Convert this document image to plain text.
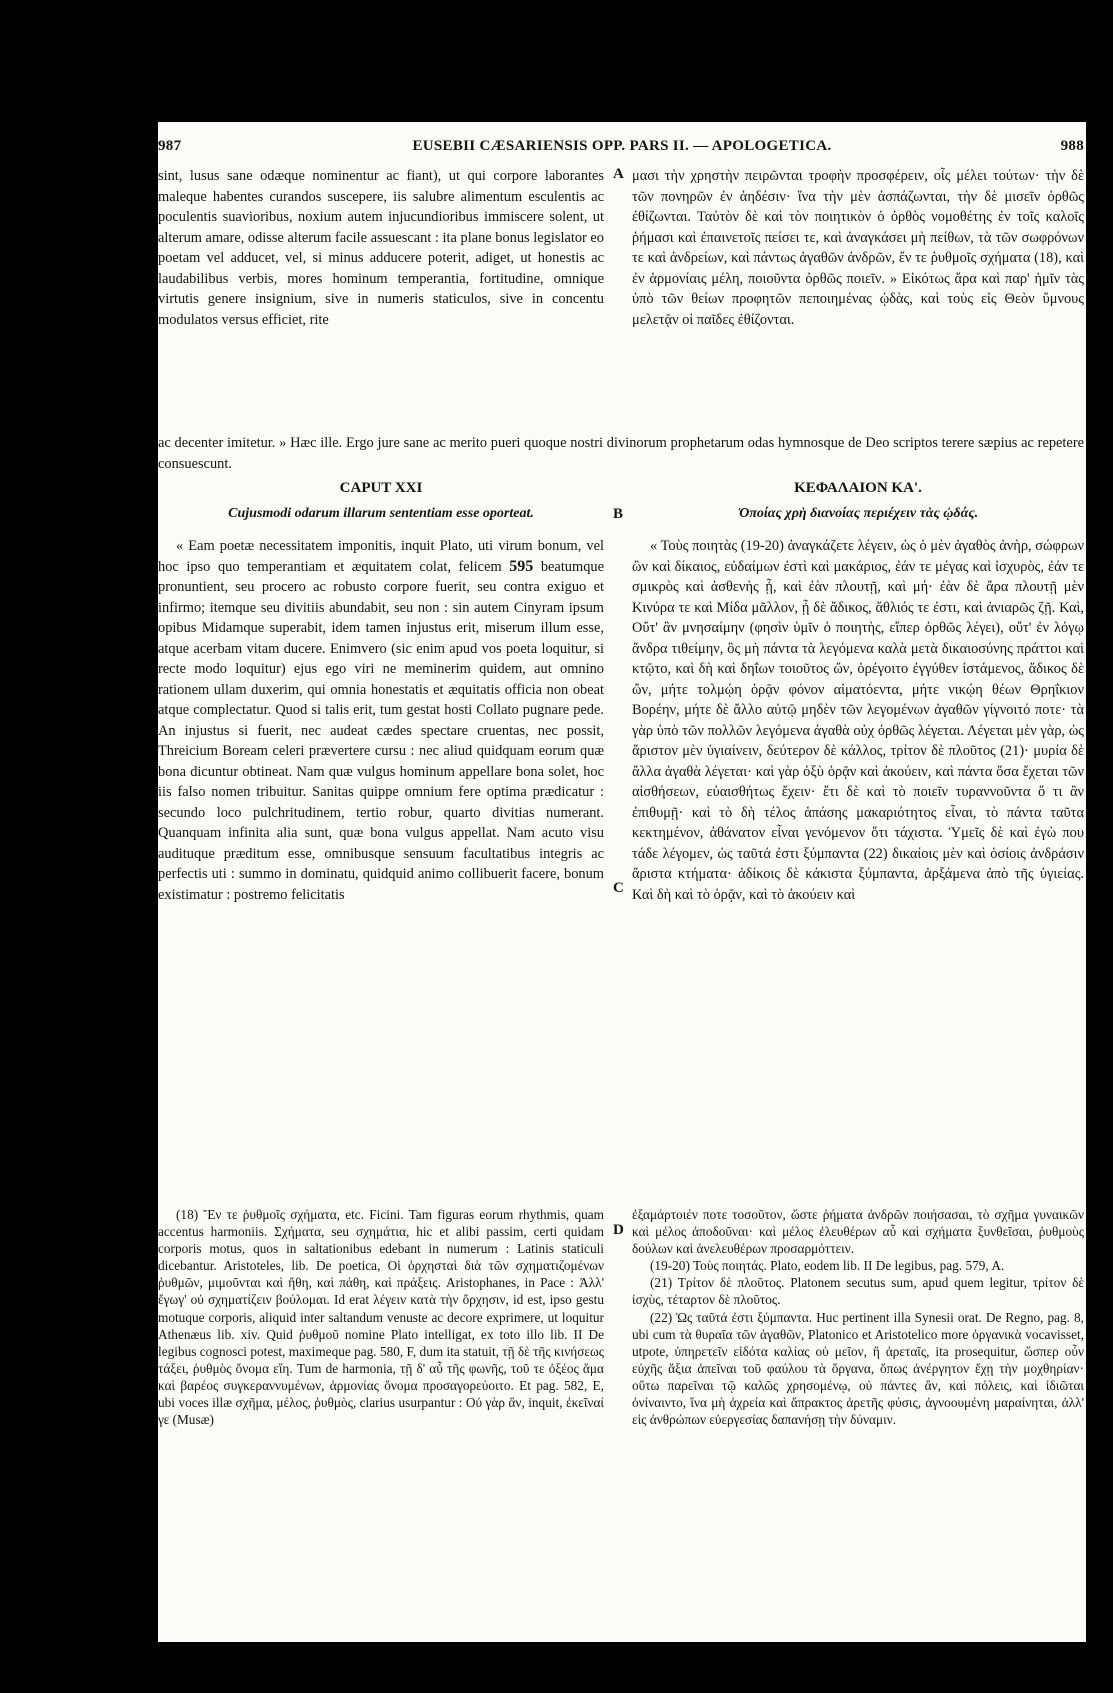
987	EUSEBII CÆSARIENSIS OPP. PARS II. — APOLOGETICA.	988

sint, lusus sane odæque nominentur ac fiant), ut qui corpore laborantes maleque habentes curandos suscepere, iis salubre alimentum esculentis ac poculentis suavioribus, noxium autem injucundioribus immiscere solent, ut alterum amare, odisse alterum facile assuescant : ita plane bonus legislator eo poetam vel adducet, vel, si minus adducere poterit, adiget, ut honestis ac laudabilibus verbis, mores hominum temperantia, fortitudine, omnique virtutis genere insignium, sive in numeris staticulos, sive in concentu modulatos versus efficiet, rite

A μασι τὴν χρηστὴν πειρῶνται τροφὴν προσφέρειν, οἷς μέλει τούτων· τὴν δὲ τῶν πονηρῶν ἐν ἀηδέσιν· ἵνα τὴν μὲν ἀσπάζωνται, τὴν δὲ μισεῖν ὀρθῶς ἐθίζωνται. Ταὐτὸν δὲ καὶ τὸν ποιητικὸν ὁ ὀρθὸς νομοθέτης ἐν τοῖς καλοῖς ῥήμασι καὶ ἐπαινετοῖς πείσει τε, καὶ ἀναγκάσει μὴ πείθων, τὰ τῶν σωφρόνων τε καὶ ἀνδρείων, καὶ πάντως ἀγαθῶν ἀνδρῶν, ἔν τε ῥυθμοῖς σχήματα (18), καὶ ἐν ἁρμονίαις μέλη, ποιοῦντα ὀρθῶς ποιεῖν. » Εἰκότως ἄρα καὶ παρ' ἡμῖν τὰς ὑπὸ τῶν θείων προφητῶν πεποιημένας ᾠδὰς, καὶ τοὺς εἰς Θεὸν ὕμνους μελετᾷν οἱ παῖδες ἐθίζονται.

ac decenter imitetur. » Hæc ille. Ergo jure sane ac merito pueri quoque nostri divinorum prophetarum odas hymnosque de Deo scriptos terere sæpius ac repetere consuescunt.

CAPUT XXI	ΚΕΦΑΛΑΙΟΝ ΚΑ'.
Cujusmodi odarum illarum sententiam esse oporteat.	B	Ὁποίας χρὴ διανοίας περιέχειν τὰς ᾠδάς.

« Eam poetæ necessitatem imponitis, inquit Plato, uti virum bonum, vel hoc ipso quo temperantiam et æquitatem colat, felicem 595 beatumque pronuntient, seu procero ac robusto corpore fuerit, seu contra exiguo et infirmo; itemque seu divitiis abundabit, seu non : sin autem Cinyram ipsum opibus Midamque superabit, idem tamen injustus erit, miserum illum esse, atque acerbam vitam ducere. Enimvero (sic enim apud vos poeta loquitur, si recte modo loquitur) ejus ego viri ne meminerim quidem, aut omnino rationem ullam duxerim, qui omnia honestatis et æquitatis officia non obeat atque complectatur. Quod si talis erit, tum gestat hosti Collato pugnare pede. An injustus si fuerit, nec audeat cædes spectare cruentas, nec possit, Threicium Boream celeri prævertere cursu : nec aliud quidquam eorum quæ bona dicuntur obtineat. Nam quæ vulgus hominum appellare bona solet, hoc iis falso nomen tribuitur. Sanitas quippe omnium fere optima prædicatur : secundo loco pulchritudinem, tertio robur, quarto divitias numerant. Quanquam infinita alia sunt, quæ bona vulgus appellat. Nam acuto visu audituque præditum esse, omnibusque sensuum facultatibus integris ac perfectis uti : summo in dominatu, quidquid animo collibuerit facere, bonum existimatur : postremo felicitatis	C

« Τοὺς ποιητὰς (19-20) ἀναγκάζετε λέγειν, ὡς ὁ μὲν ἀγαθὸς ἀνὴρ, σώφρων ὢν καὶ δίκαιος, εὐδαίμων ἐστὶ καὶ μακάριος, ἐάν τε μέγας καὶ ἰσχυρὸς, ἐάν τε σμικρὸς καὶ ἀσθενὴς ᾖ, καὶ ἐὰν πλουτῇ, καὶ μή· ἐὰν δὲ ἄρα πλουτῇ μὲν Κινύρα τε καὶ Μίδα μᾶλλον, ᾖ δὲ ἄδικος, ἄθλιός τε ἐστι, καὶ ἀνιαρῶς ζῇ. Καὶ, Οὔτ' ἂν μνησαίμην (φησὶν ὑμῖν ὁ ποιητὴς, εἴπερ ὀρθῶς λέγει), οὔτ' ἐν λόγῳ ἄνδρα τιθείμην, ὃς μὴ πάντα τὰ λεγόμενα καλὰ μετὰ δικαιοσύνης πράττοι καὶ κτῷτο, καὶ δὴ καὶ δηΐων τοιοῦτος ὤν, ὀρέγοιτο ἐγγύθεν ἱστάμενος, ἄδικος δὲ ὤν, μήτε τολμῴη ὁρᾷν φόνον αἱματόεντα, μήτε νικῴη θέων Θρηΐκιον Βορέην, μήτε δὲ ἄλλο αὐτῷ μηδὲν τῶν λεγομένων ἀγαθῶν γίγνοιτό ποτε· τὰ γὰρ ὑπὸ τῶν πολλῶν λεγόμενα ἀγαθὰ οὐχ ὀρθῶς λέγεται. Λέγεται μὲν γὰρ, ὡς ἄριστον μὲν ὑγιαίνειν, δεύτερον δὲ κάλλος, τρίτον δὲ πλοῦτος (21)· μυρία δὲ ἄλλα ἀγαθὰ λέγεται· καὶ γὰρ ὀξὺ ὁρᾷν καὶ ἀκούειν, καὶ πάντα ὅσα ἔχεται τῶν αἰσθήσεων, εὐαισθήτως ἔχειν· ἔτι δὲ καὶ τὸ ποιεῖν τυραννοῦντα ὅ τι ἂν ἐπιθυμῇ· καὶ τὸ δὴ τέλος ἁπάσης μακαριότητος εἶναι, τὸ πάντα ταῦτα κεκτημένον, ἀθάνατον εἶναι γενόμενον ὅτι τάχιστα. Ὑμεῖς δὲ καὶ ἐγὼ που τάδε λέγομεν, ὡς ταῦτά ἐστι ξύμπαντα (22) δικαίοις μὲν καὶ ὁσίοις ἀνδράσιν ἄριστα κτήματα· ἀδίκοις δὲ κάκιστα ξύμπαντα, ἀρξάμενα ἀπὸ τῆς ὑγιείας. Καὶ δὴ καὶ τὸ ὁρᾷν, καὶ τὸ ἀκούειν καὶ

(18) Ἔν τε ῥυθμοῖς σχήματα, etc. Ficini. Tam figuras eorum rhythmis, quam accentus harmoniis. Σχήματα, seu σχημάτια, hic et alibi passim, certi quidam corporis motus, quos in saltationibus edebant in numerum : Latinis staticuli dicebantur. Aristoteles, lib. De poetica, Οἱ ὀρχησταὶ διὰ τῶν σχηματιζομένων ῥυθμῶν, μιμοῦνται καὶ ἤθη, καὶ πάθη, καὶ πράξεις. Aristophanes, in Pace : Ἀλλ' ἔγωγ' οὐ σχηματίζειν βούλομαι. Id erat λέγειν κατὰ τὴν ὄρχησιν, id est, ipso gestu motuque corporis, aliquid inter saltandum venuste ac decore exprimere, ut loquitur Athenæus lib. xiv. Quid ῥυθμοῦ nomine Plato intelligat, ex toto illo lib. II De legibus cognosci potest, maximeque pag. 580, F, dum ita statuit, τῇ δὲ τῆς κινήσεως τάξει, ῥυθμὸς ὄνομα εἴη. Tum de harmonia, τῇ δ' αὖ τῆς φωνῆς, τοῦ τε ὀξέος ἅμα καὶ βαρέος συγκεραννυμένων, ἁρμονίας ὄνομα προσαγορεύοιτο. Et pag. 582, E, ubi voces illæ σχῆμα, μέλος, ῥυθμὸς, clarius usurpantur : Οὐ γὰρ ἂν, inquit, ἐκεῖναί γε (Musæ)

D

ἐξαμάρτοιέν ποτε τοσοῦτον, ὥστε ῥήματα ἀνδρῶν ποιήσασαι, τὸ σχῆμα γυναικῶν καὶ μέλος ἀποδοῦναι· καὶ μέλος ἐλευθέρων αὖ καὶ σχήματα ξυνθεῖσαι, ῥυθμοὺς δούλων καὶ ἀνελευθέρων προσαρμόττειν.

(19-20) Τοὺς ποιητάς. Plato, eodem lib. II De legibus, pag. 579, A.

(21) Τρίτον δὲ πλοῦτος. Platonem secutus sum, apud quem legitur, τρίτον δὲ ἰσχὺς, τέταρτον δὲ πλοῦτος.

(22) Ὡς ταῦτά ἐστι ξύμπαντα. Huc pertinent illa Synesii orat. De Regno, pag. 8, ubi cum τὰ θυραῖα τῶν ἀγαθῶν, Platonico et Aristotelico more ὀργανικὰ vocavisset, utpote, ὑπηρετεῖν εἰδότα καλίας οὐ μεῖον, ἢ ἀρεταῖς, ita prosequitur, ὥσπερ οὖν εὐχῆς ἄξια ἀπεῖναι τοῦ φαύλου τὰ ὄργανα, ὅπως ἀνέργητον ἔχῃ τὴν μοχθηρίαν· οὕτω παρεῖναι τῷ καλῶς χρησομένῳ, οὐ πάντες ἂν, καὶ πόλεις, καὶ ἰδιῶται ὀνίναιντο, ἵνα μὴ ἀχρεία καὶ ἄπρακτος ἀρετῆς φύσις, ἀγνοουμένη μαραίνηται, ἀλλ' εἰς ἀνθρώπων εὐεργεσίας δαπανήσῃ τὴν δύναμιν.
